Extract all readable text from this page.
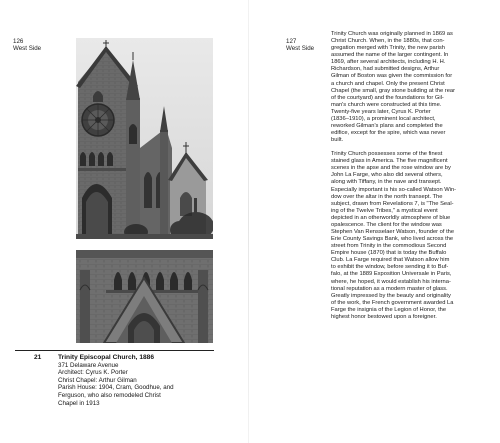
126
West Side
127
West Side
21	Trinity Episcopal Church, 1886
371 Delaware Avenue
Architect: Cyrus K. Porter
Christ Chapel: Arthur Gilman
Parish House: 1904, Cram, Goodhue, and
Ferguson, who also remodeled Christ
Chapel in 1913
Trinity Church was originally planned in 1869 as
Christ Church. When, in the 1880s, that con-
gregation merged with Trinity, the new parish
assumed the name of the larger contingent. In
1869, after several architects, including H. H.
Richardson, had submitted designs, Arthur
Gilman of Boston was given the commission for
a church and chapel. Only the present Christ
Chapel (the small, gray stone building at the rear
of the courtyard) and the foundations for Gil-
man's church were constructed at this time.
Twenty-five years later, Cyrus K. Porter
(1836–1910), a prominent local architect,
reworked Gilman's plans and completed the
edifice, except for the spire, which was never
built.
Trinity Church possesses some of the finest
stained glass in America. The five magnificent
scenes in the apse and the rose window are by
John La Farge, who also did several others,
along with Tiffany, in the nave and transept.
Especially important is his so-called Watson Win-
dow over the altar in the north transept. The
subject, drawn from Revelations 7, is "The Seal-
ing of the Twelve Tribes," a mystical event
depicted in an otherworldly atmosphere of blue
opalescence. The client for the window was
Stephen Van Rensselaer Watson, founder of the
Erie County Savings Bank, who lived across the
street from Trinity in the commodious Second
Empire house (1870) that is today the Buffalo
Club. La Farge required that Watson allow him
to exhibit the window, before sending it to Buf-
falo, at the 1889 Exposition Universale in Paris,
where, he hoped, it would establish his interna-
tional reputation as a modern master of glass.
Greatly impressed by the beauty and originality
of the work, the French government awarded La
Farge the insignia of the Legion of Honor, the
highest honor bestowed upon a foreigner.
